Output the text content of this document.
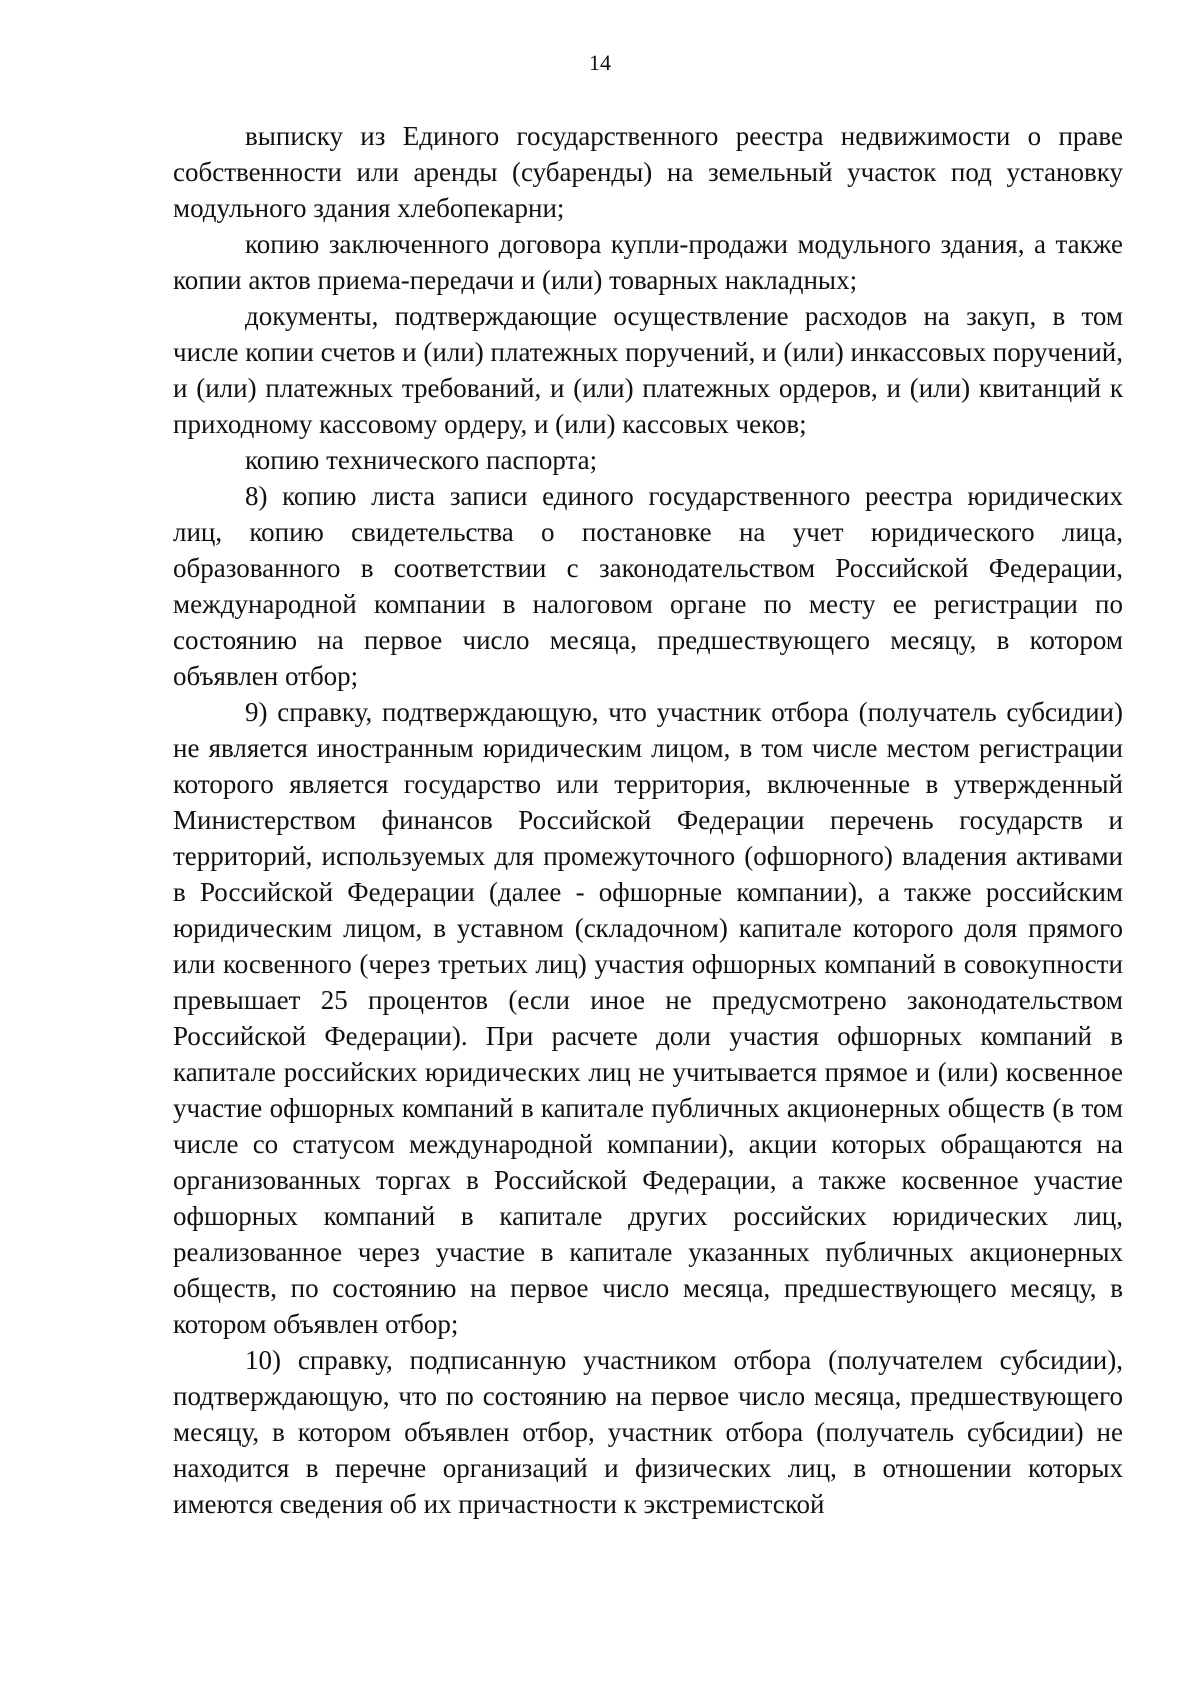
14

выписку из Единого государственного реестра недвижимости о праве собственности или аренды (субаренды) на земельный участок под установку модульного здания хлебопекарни;

копию заключенного договора купли-продажи модульного здания, а также копии актов приема-передачи и (или) товарных накладных;

документы, подтверждающие осуществление расходов на закуп, в том числе копии счетов и (или) платежных поручений, и (или) инкассовых поручений, и (или) платежных требований, и (или) платежных ордеров, и (или) квитанций к приходному кассовому ордеру, и (или) кассовых чеков;

копию технического паспорта;

8) копию листа записи единого государственного реестра юридических лиц, копию свидетельства о постановке на учет юридического лица, образованного в соответствии с законодательством Российской Федерации, международной компании в налоговом органе по месту ее регистрации по состоянию на первое число месяца, предшествующего месяцу, в котором объявлен отбор;

9) справку, подтверждающую, что участник отбора (получатель субсидии) не является иностранным юридическим лицом, в том числе местом регистрации которого является государство или территория, включенные в утвержденный Министерством финансов Российской Федерации перечень государств и территорий, используемых для промежуточного (офшорного) владения активами в Российской Федерации (далее - офшорные компании), а также российским юридическим лицом, в уставном (складочном) капитале которого доля прямого или косвенного (через третьих лиц) участия офшорных компаний в совокупности превышает 25 процентов (если иное не предусмотрено законодательством Российской Федерации). При расчете доли участия офшорных компаний в капитале российских юридических лиц не учитывается прямое и (или) косвенное участие офшорных компаний в капитале публичных акционерных обществ (в том числе со статусом международной компании), акции которых обращаются на организованных торгах в Российской Федерации, а также косвенное участие офшорных компаний в капитале других российских юридических лиц, реализованное через участие в капитале указанных публичных акционерных обществ, по состоянию на первое число месяца, предшествующего месяцу, в котором объявлен отбор;

10) справку, подписанную участником отбора (получателем субсидии), подтверждающую, что по состоянию на первое число месяца, предшествующего месяцу, в котором объявлен отбор, участник отбора (получатель субсидии) не находится в перечне организаций и физических лиц, в отношении которых имеются сведения об их причастности к экстремистской
